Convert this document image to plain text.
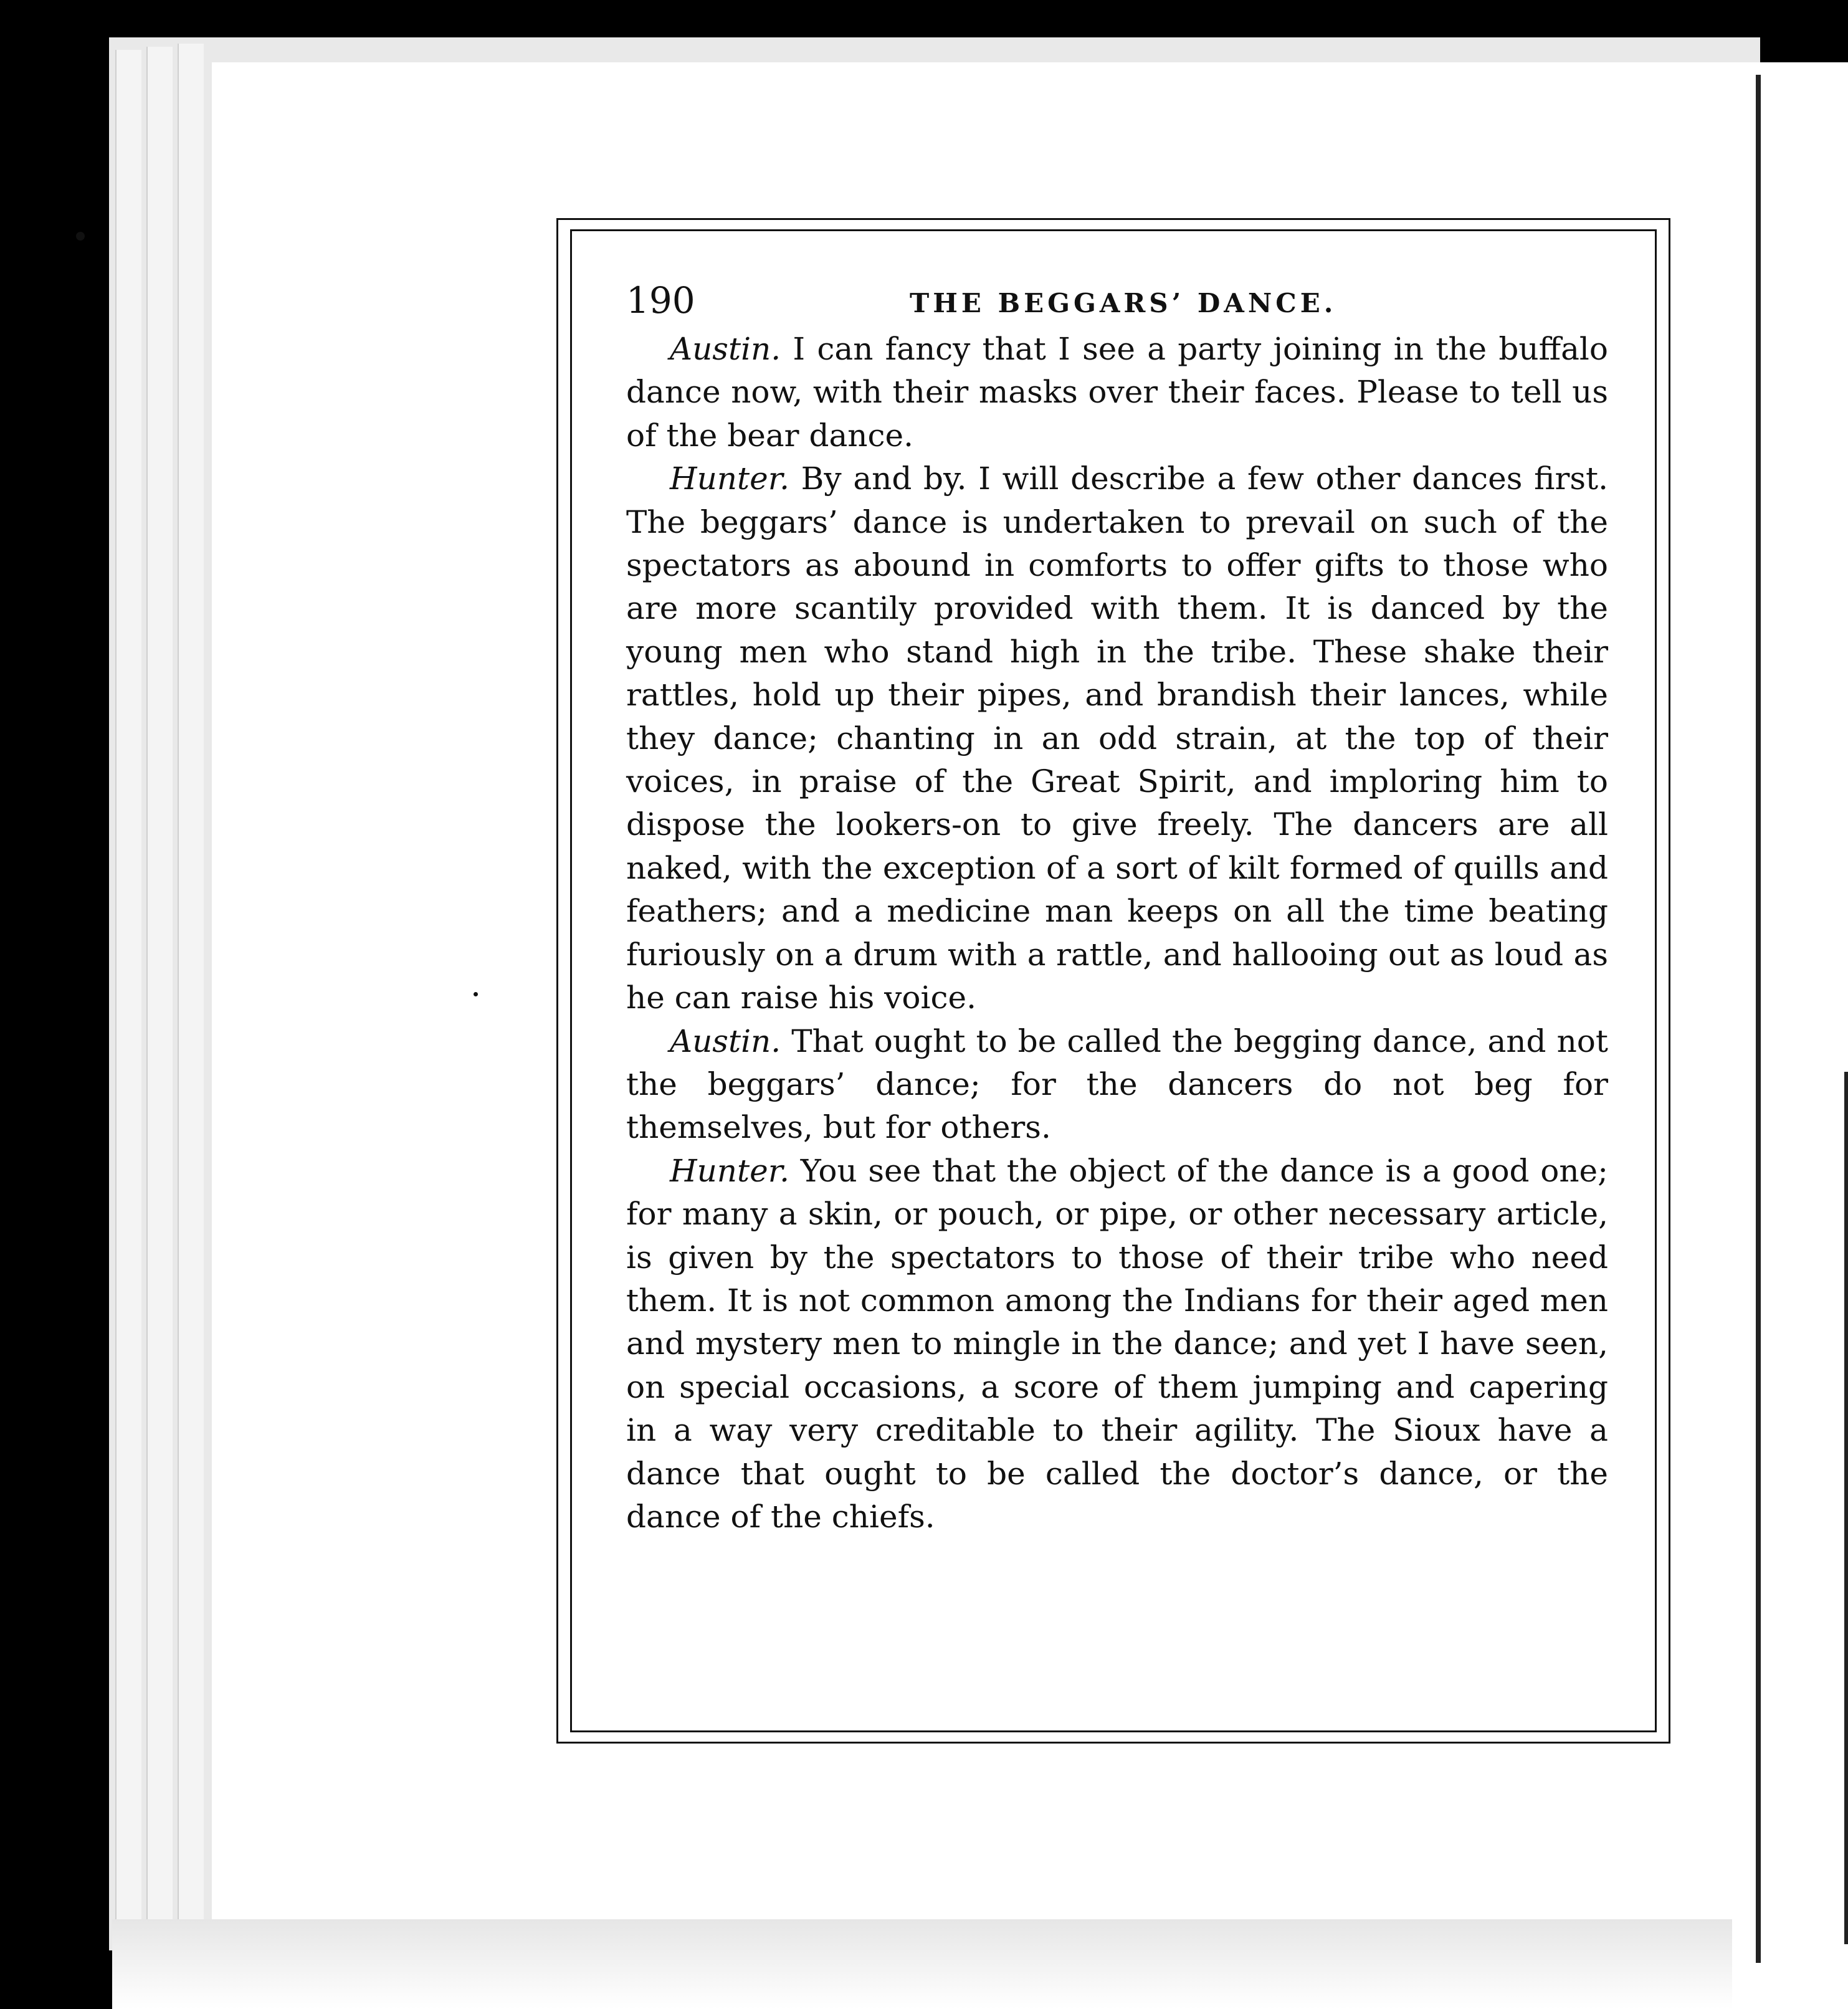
190	THE BEGGARS’ DANCE.

Austin. I can fancy that I see a party joining in the buffalo dance now, with their masks over their faces. Please to tell us of the bear dance.

Hunter. By and by. I will describe a few other dances first. The beggars’ dance is undertaken to prevail on such of the spectators as abound in comforts to offer gifts to those who are more scantily provided with them. It is danced by the young men who stand high in the tribe. These shake their rattles, hold up their pipes, and brandish their lances, while they dance; chanting in an odd strain, at the top of their voices, in praise of the Great Spirit, and imploring him to dispose the lookers-on to give freely. The dancers are all naked, with the exception of a sort of kilt formed of quills and feathers; and a medicine man keeps on all the time beating furiously on a drum with a rattle, and hallooing out as loud as he can raise his voice.

Austin. That ought to be called the begging dance, and not the beggars’ dance; for the dancers do not beg for themselves, but for others.

Hunter. You see that the object of the dance is a good one; for many a skin, or pouch, or pipe, or other necessary article, is given by the spectators to those of their tribe who need them. It is not common among the Indians for their aged men and mystery men to mingle in the dance; and yet I have seen, on special occasions, a score of them jumping and capering in a way very creditable to their agility. The Sioux have a dance that ought to be called the doctor’s dance, or the dance of the chiefs.
